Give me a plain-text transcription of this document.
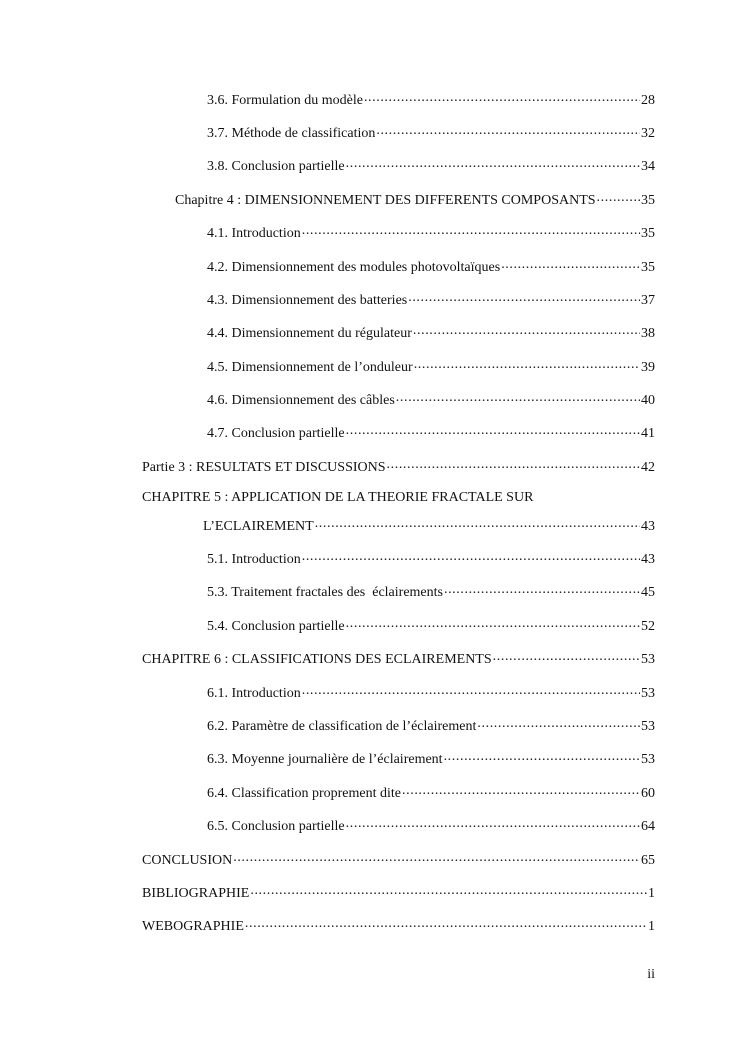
3.6. Formulation du modèle .....	28
3.7. Méthode de classification .....	32
3.8. Conclusion partielle .....	34
Chapitre 4 : DIMENSIONNEMENT DES DIFFERENTS COMPOSANTS .....	35
4.1. Introduction .....	35
4.2. Dimensionnement des modules photovoltaïques .....	35
4.3. Dimensionnement des batteries .....	37
4.4. Dimensionnement du régulateur .....	38
4.5. Dimensionnement de l’onduleur .....	39
4.6. Dimensionnement des câbles .....	40
4.7. Conclusion partielle .....	41
Partie 3 : RESULTATS ET DISCUSSIONS .....	42
CHAPITRE 5 : APPLICATION DE LA THEORIE FRACTALE SUR
L’ECLAIREMENT .....	43
5.1. Introduction .....	43
5.3. Traitement fractales des  éclairements .....	45
5.4. Conclusion partielle .....	52
CHAPITRE 6 : CLASSIFICATIONS DES ECLAIREMENTS .....	53
6.1. Introduction .....	53
6.2. Paramètre de classification de l’éclairement .....	53
6.3. Moyenne journalière de l’éclairement .....	53
6.4. Classification proprement dite .....	60
6.5. Conclusion partielle .....	64
CONCLUSION .....	65
BIBLIOGRAPHIE .....	1
WEBOGRAPHIE .....	1
ii
